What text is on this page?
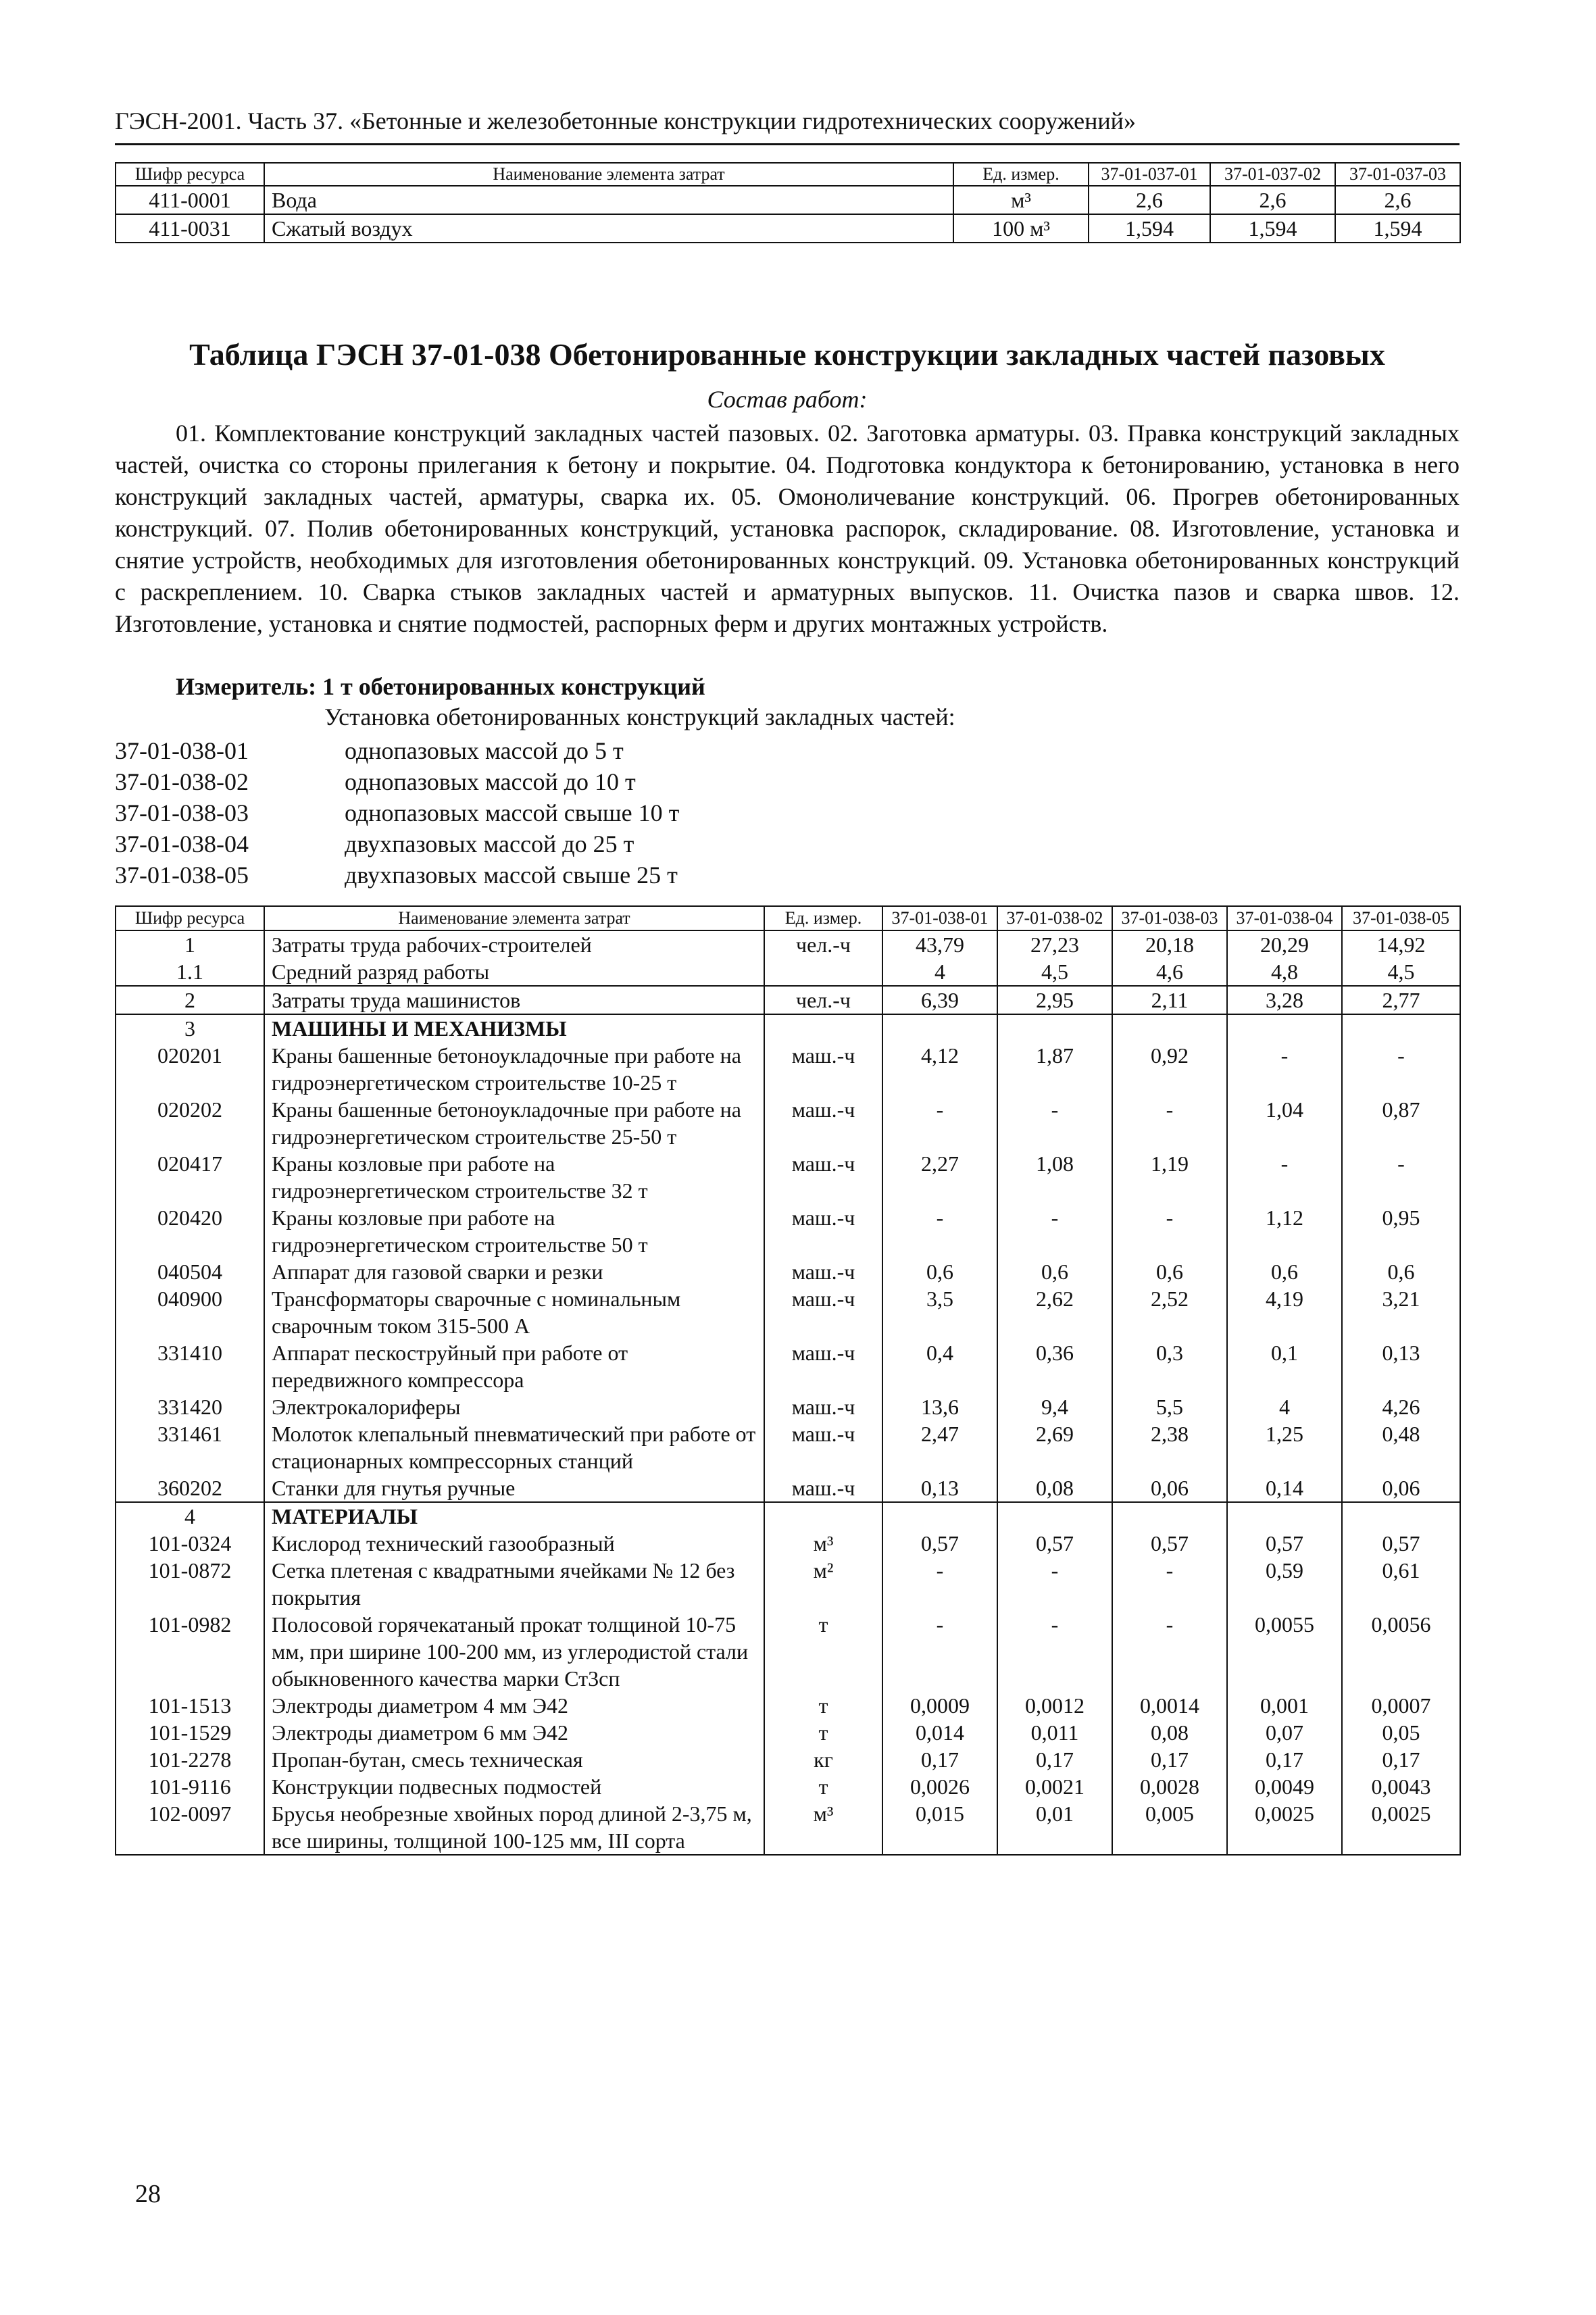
ГЭСН-2001. Часть 37. «Бетонные и железобетонные конструкции гидротехнических сооружений»
Шифр ресурса	Наименование элемента затрат	Ед. измер.	37-01-037-01	37-01-037-02	37-01-037-03
411-0001	Вода	м³	2,6	2,6	2,6
411-0031	Сжатый воздух	100 м³	1,594	1,594	1,594
Таблица ГЭСН 37-01-038 Обетонированные конструкции закладных частей пазовых
Состав работ:

01. Комплектование конструкций закладных частей пазовых. 02. Заготовка арматуры. 03. Правка конструкций закладных частей, очистка со стороны прилегания к бетону и покрытие. 04. Подготовка кондуктора к бетонированию, установка в него конструкций закладных частей, арматуры, сварка их. 05. Омоноличевание конструкций. 06. Прогрев обетонированных конструкций. 07. Полив обетонированных конструкций, установка распорок, складирование. 08. Изготовление, установка и снятие устройств, необходимых для изготовления обетонированных конструкций. 09. Установка обетонированных конструкций с раскреплением. 10. Сварка стыков закладных частей и арматурных выпусков. 11. Очистка пазов и сварка швов. 12. Изготовление, установка и снятие подмостей, распорных ферм и других монтажных устройств.

Измеритель: 1 т обетонированных конструкций
Установка обетонированных конструкций закладных частей:
37-01-038-01	однопазовых массой до 5 т
37-01-038-02	однопазовых массой до 10 т
37-01-038-03	однопазовых массой свыше 10 т
37-01-038-04	двухпазовых массой до 25 т
37-01-038-05	двухпазовых массой свыше 25 т
Шифр ресурса	Наименование элемента затрат	Ед. измер.	37-01-038-01	37-01-038-02	37-01-038-03	37-01-038-04	37-01-038-05
1	Затраты труда рабочих-строителей	чел.-ч	43,79	27,23	20,18	20,29	14,92
1.1	Средний разряд работы		4	4,5	4,6	4,8	4,5
2	Затраты труда машинистов	чел.-ч	6,39	2,95	2,11	3,28	2,77
3	МАШИНЫ И МЕХАНИЗМЫ						
020201	Краны башенные бетоноукладочные при работе на гидроэнергетическом строительстве 10-25 т	маш.-ч	4,12	1,87	0,92	-	-
020202	Краны башенные бетоноукладочные при работе на гидроэнергетическом строительстве 25-50 т	маш.-ч	-	-	-	1,04	0,87
020417	Краны козловые при работе на гидроэнергетическом строительстве 32 т	маш.-ч	2,27	1,08	1,19	-	-
020420	Краны козловые при работе на гидроэнергетическом строительстве 50 т	маш.-ч	-	-	-	1,12	0,95
040504	Аппарат для газовой сварки и резки	маш.-ч	0,6	0,6	0,6	0,6	0,6
040900	Трансформаторы сварочные с номинальным сварочным током 315-500 А	маш.-ч	3,5	2,62	2,52	4,19	3,21
331410	Аппарат пескоструйный при работе от передвижного компрессора	маш.-ч	0,4	0,36	0,3	0,1	0,13
331420	Электрокалориферы	маш.-ч	13,6	9,4	5,5	4	4,26
331461	Молоток клепальный пневматический при работе от стационарных компрессорных станций	маш.-ч	2,47	2,69	2,38	1,25	0,48
360202	Станки для гнутья ручные	маш.-ч	0,13	0,08	0,06	0,14	0,06
4	МАТЕРИАЛЫ						
101-0324	Кислород технический газообразный	м³	0,57	0,57	0,57	0,57	0,57
101-0872	Сетка плетеная с квадратными ячейками № 12 без покрытия	м²	-	-	-	0,59	0,61
101-0982	Полосовой горячекатаный прокат толщиной 10-75 мм, при ширине 100-200 мм, из углеродистой стали обыкновенного качества марки Ст3сп	т	-	-	-	0,0055	0,0056
101-1513	Электроды диаметром 4 мм Э42	т	0,0009	0,0012	0,0014	0,001	0,0007
101-1529	Электроды диаметром 6 мм Э42	т	0,014	0,011	0,08	0,07	0,05
101-2278	Пропан-бутан, смесь техническая	кг	0,17	0,17	0,17	0,17	0,17
101-9116	Конструкции подвесных подмостей	т	0,0026	0,0021	0,0028	0,0049	0,0043
102-0097	Брусья необрезные хвойных пород длиной 2-3,75 м, все ширины, толщиной 100-125 мм, III сорта	м³	0,015	0,01	0,005	0,0025	0,0025
28
